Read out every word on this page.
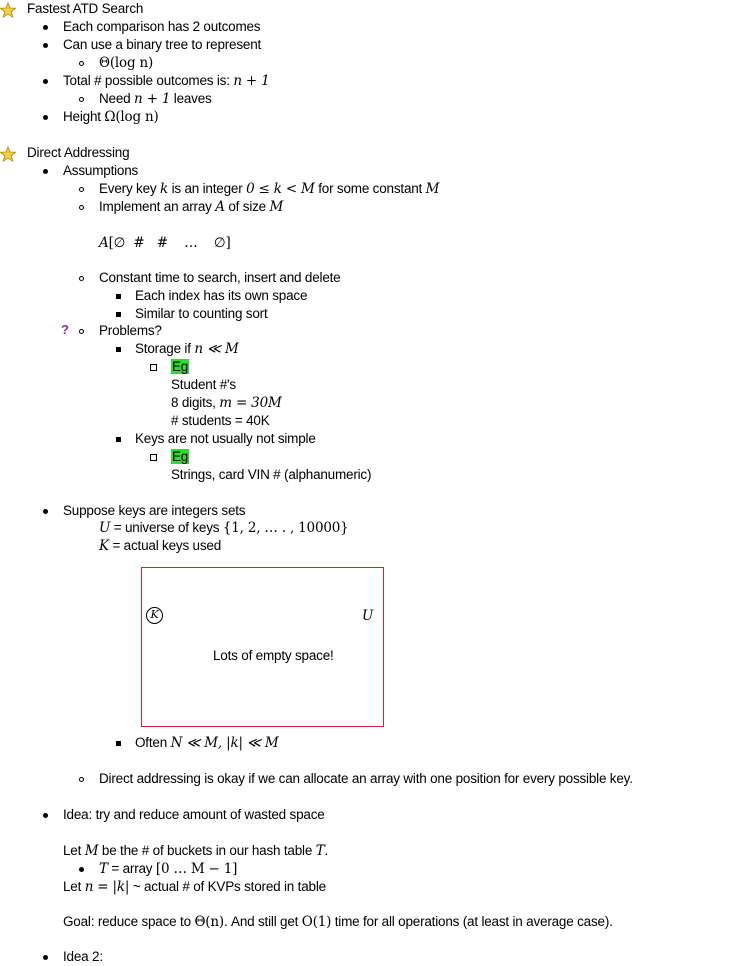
Fastest ATD Search
Each comparison has 2 outcomes
Can use a binary tree to represent
Θ(log n)
Total # possible outcomes is: n + 1
Need n + 1 leaves
Height Ω(log n)
Direct Addressing
Assumptions
Every key k is an integer 0 ≤ k < M for some constant M
Implement an array A of size M
A[∅  #   #    …    ∅]
Constant time to search, insert and delete
Each index has its own space
Similar to counting sort
? Problems?
Storage if n ≪ M
Eg
Student #'s
8 digits, m = 30M
# students = 40K
Keys are not usually not simple
Eg
Strings, card VIN # (alphanumeric)
Suppose keys are integers sets
U = universe of keys {1, 2, … . , 10000}
K = actual keys used
K	U
Lots of empty space!
Often N ≪ M, |k| ≪ M
Direct addressing is okay if we can allocate an array with one position for every possible key.
Idea: try and reduce amount of wasted space
Let M be the # of buckets in our hash table T.
T = array [0 … M − 1]
Let n = |k| ~ actual # of KVPs stored in table
Goal: reduce space to Θ(n). And still get O(1) time for all operations (at least in average case).
Idea 2:
